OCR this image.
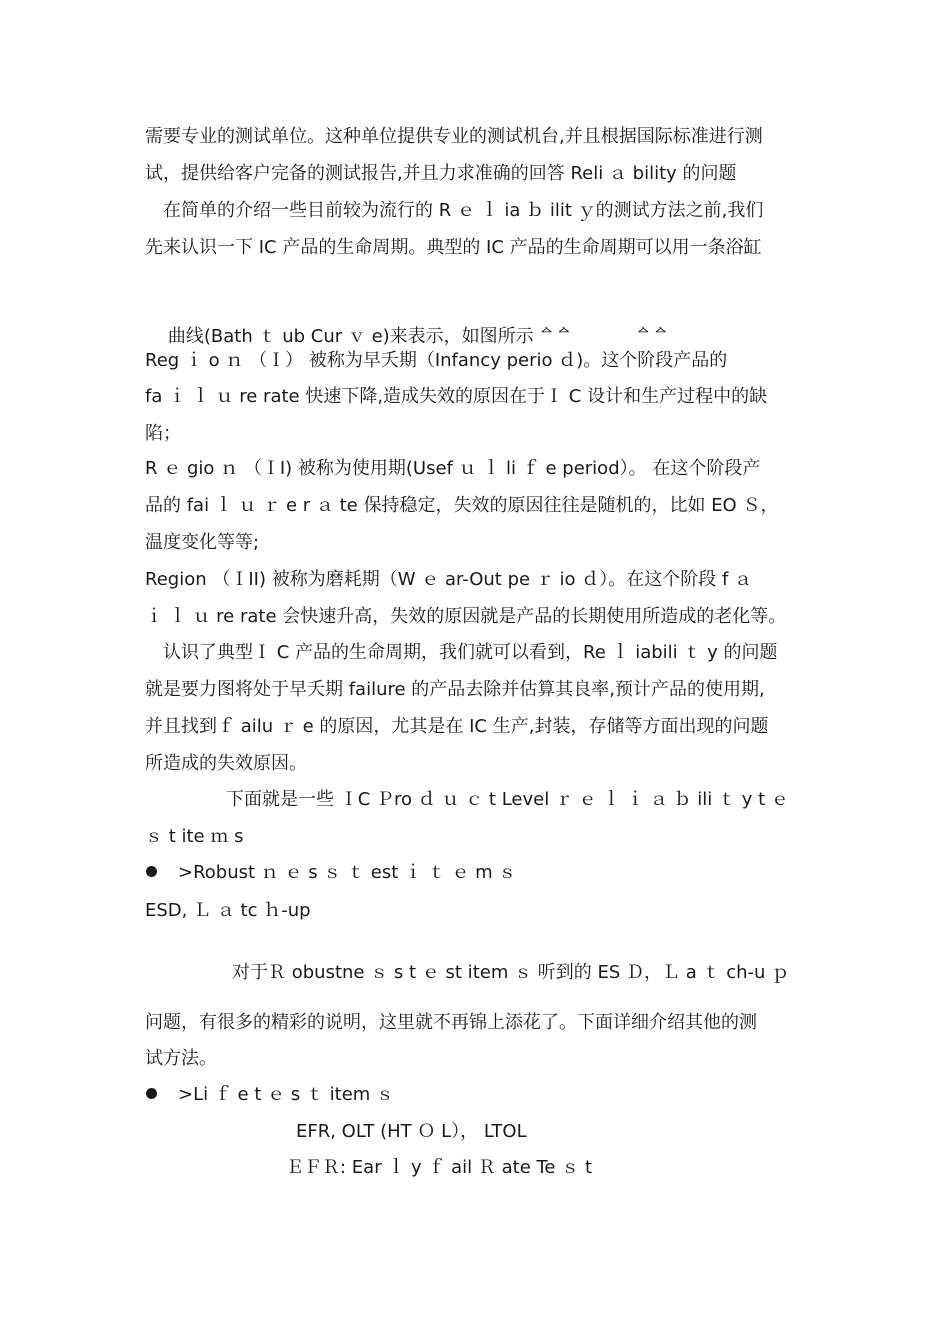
需要专业的测试单位。这种单位提供专业的测试机台,并且根据国际标准进行测
试，提供给客户完备的测试报告,并且力求准确的回答 Reli ａ bility 的问题
　在简单的介绍一些目前较为流行的 R ｅ ｌ ia ｂ ilit ｙ的测试方法之前,我们
先来认识一下 IC 产品的生命周期。典型的 IC 产品的生命周期可以用一条浴缸

曲线(Bath ｔ ub Cur ｖ e)来表示，如图所示 ᅀᅀ	ᅀᅀ

Reg ｉ o ｎ （Ｉ） 被称为早夭期（Infancy perio ｄ)。这个阶段产品的
fa ｉ ｌ ｕ re rate 快速下降,造成失效的原因在于Ｉ C 设计和生产过程中的缺
陷；
R ｅ gio ｎ （ＩI) 被称为使用期(Usef ｕ ｌ li ｆ e period）。 在这个阶段产
品的 fai ｌ ｕ ｒ e r ａ te 保持稳定，失效的原因往往是随机的，比如 EO Ｓ，
温度变化等等;
Region （ＩII) 被称为磨耗期（W ｅ ar-Out pe ｒ io ｄ）。在这个阶段 f ａ
ｉ ｌ ｕ re rate 会快速升高，失效的原因就是产品的长期使用所造成的老化等。
认识了典型Ｉ C 产品的生命周期，我们就可以看到，Re ｌ iabili ｔ y 的问题
就是要力图将处于早夭期 failure 的产品去除并估算其良率,预计产品的使用期,
并且找到ｆ ailu ｒ e 的原因，尤其是在 IC 生产,封装，存储等方面出现的问题
所造成的失效原因。
下面就是一些 ＩC Ｐro ｄ ｕ ｃ t Level ｒ ｅ ｌ ｉ ａ ｂ ili ｔ y t ｅ
ｓ t ite ｍ s
>Robust ｎ ｅ s ｓ ｔ est ｉ ｔ ｅ m ｓ
ESD, Ｌ ａ tc ｈ-up
对于Ｒ obustne ｓ s t ｅ st item ｓ 听到的 ES Ｄ，Ｌ a ｔ ch-u ｐ
问题，有很多的精彩的说明，这里就不再锦上添花了。下面详细介绍其他的测
试方法。
>Li ｆ e t ｅ s ｔ item ｓ
EFR, OLT (HT Ｏ L）， LTOL
ＥＦＲ: Ear ｌ y ｆ ail Ｒ ate Te ｓ t
